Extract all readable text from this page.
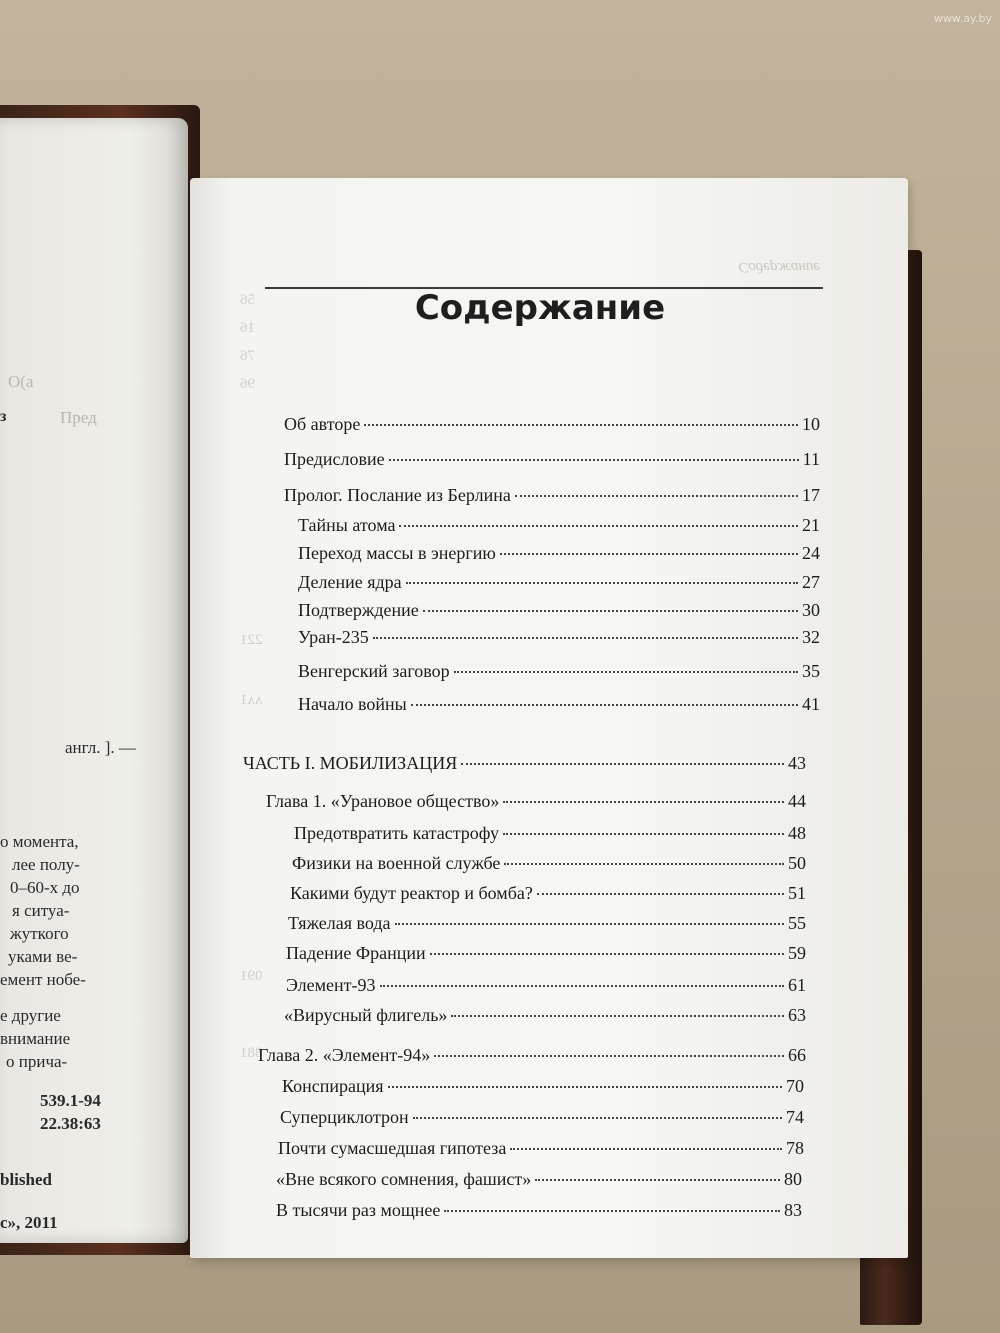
О(а
Пред
з
англ. ]. —
о момента,
лее полу-
0–60-х до
я ситуа-
жуткого
уками ве-
емент нобе-
е другие
внимание
о прича-
539.1-94
22.38:63
blished
с», 2011
56
16
76
96
221
ᴧᴧ1
091
881
Содержание
Содержание
Об авторе	10
Предисловие	11
Пролог. Послание из Берлина	17
Тайны атома	21
Переход массы в энергию	24
Деление ядра	27
Подтверждение	30
Уран-235	32
Венгерский заговор	35
Начало войны	41
ЧАСТЬ I. МОБИЛИЗАЦИЯ	43
Глава 1. «Урановое общество»	44
Предотвратить катастрофу	48
Физики на военной службе	50
Какими будут реактор и бомба?	51
Тяжелая вода	55
Падение Франции	59
Элемент-93	61
«Вирусный флигель»	63
Глава 2. «Элемент-94»	66
Конспирация	70
Суперциклотрон	74
Почти сумасшедшая гипотеза	78
«Вне всякого сомнения, фашист»	80
В тысячи раз мощнее	83
www.ay.by
